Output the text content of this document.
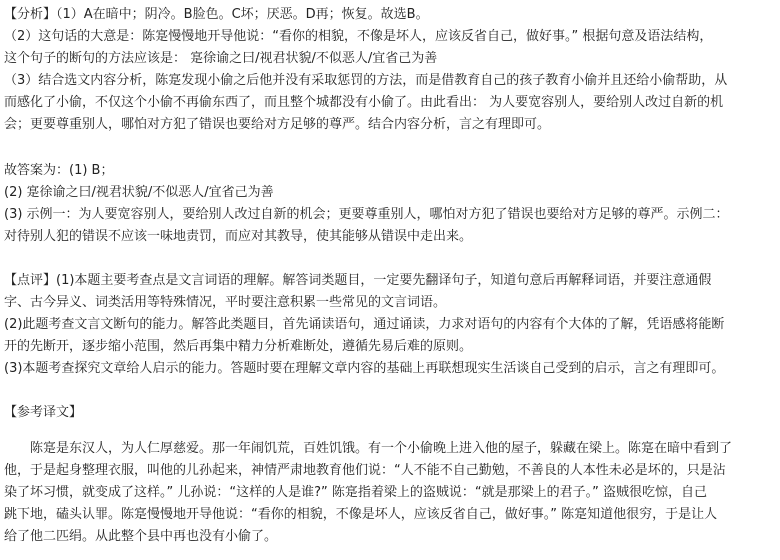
【分析】（1）A在暗中；阴冷。B脸色。C坏；厌恶。D再；恢复。故选B。
（2）这句话的大意是：陈寔慢慢地开导他说：“看你的相貌，不像是坏人，应该反省自己，做好事。” 根据句意及语法结构，
这个句子的断句的方法应该是： 寔徐谕之曰/视君状貌/不似恶人/宜省己为善
（3）结合选文内容分析，陈寔发现小偷之后他并没有采取惩罚的方法，而是借教育自己的孩子教育小偷并且还给小偷帮助，从
而感化了小偷，不仅这个小偷不再偷东西了，而且整个城都没有小偷了。由此看出： 为人要宽容别人，要给别人改过自新的机
会；更要尊重别人，哪怕对方犯了错误也要给对方足够的尊严。结合内容分析，言之有理即可。
故答案为：(1) B；
(2) 寔徐谕之曰/视君状貌/不似恶人/宜省己为善
(3) 示例一：为人要宽容别人，要给别人改过自新的机会；更要尊重别人，哪怕对方犯了错误也要给对方足够的尊严。示例二：
对待别人犯的错误不应该一味地责罚，而应对其教导，使其能够从错误中走出来。
【点评】(1)本题主要考查点是文言词语的理解。解答词类题目，一定要先翻译句子，知道句意后再解释词语，并要注意通假
字、古今异义、词类活用等特殊情况，平时要注意积累一些常见的文言词语。
(2)此题考查文言文断句的能力。解答此类题目，首先诵读语句，通过诵读，力求对语句的内容有个大体的了解，凭语感将能断
开的先断开，逐步缩小范围，然后再集中精力分析难断处，遵循先易后难的原则。
(3)本题考查探究文章给人启示的能力。答题时要在理解文章内容的基础上再联想现实生活谈自己受到的启示，言之有理即可。
【参考译文】
陈寔是东汉人，为人仁厚慈爱。那一年闹饥荒，百姓饥饿。有一个小偷晚上进入他的屋子，躲藏在梁上。陈寔在暗中看到了
他，于是起身整理衣服，叫他的儿孙起来，神情严肃地教育他们说：“人不能不自己勤勉，不善良的人本性未必是坏的，只是沾
染了坏习惯，就变成了这样。” 儿孙说：“这样的人是谁?” 陈寔指着梁上的盗贼说：“就是那梁上的君子。” 盗贼很吃惊，自己
跳下地，磕头认罪。陈寔慢慢地开导他说：“看你的相貌，不像是坏人，应该反省自己，做好事。” 陈寔知道他很穷，于是让人
给了他二匹绢。从此整个县中再也没有小偷了。
